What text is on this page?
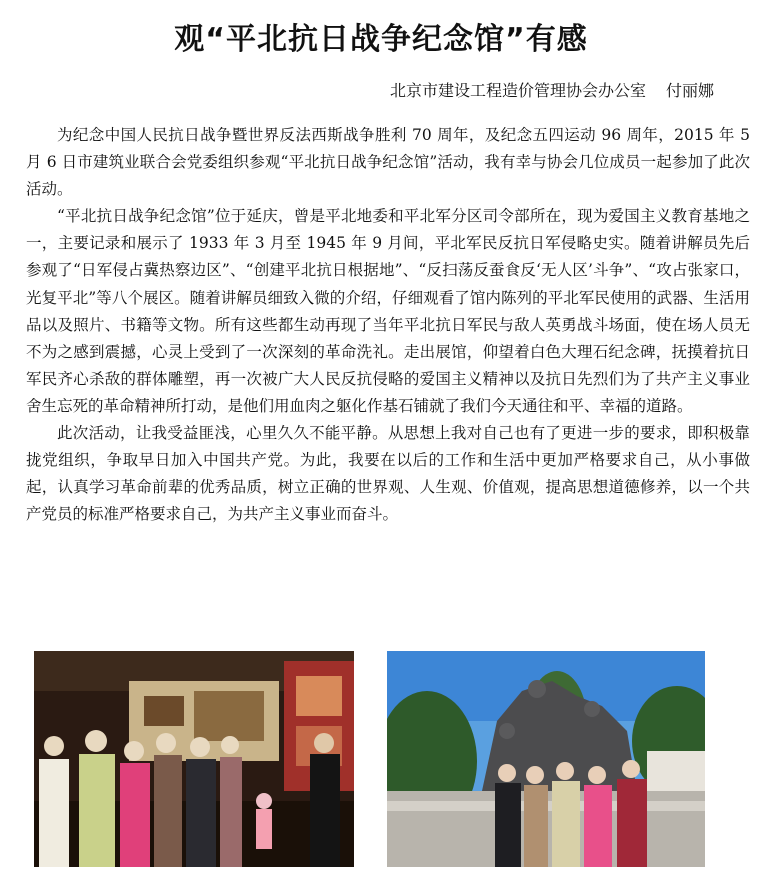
观“平北抗日战争纪念馆”有感
北京市建设工程造价管理协会办公室 付丽娜

为纪念中国人民抗日战争暨世界反法西斯战争胜利 70 周年，及纪念五四运动 96 周年，2015 年 5 月 6 日市建筑业联合会党委组织参观“平北抗日战争纪念馆”活动，我有幸与协会几位成员一起参加了此次活动。

“平北抗日战争纪念馆”位于延庆，曾是平北地委和平北军分区司令部所在，现为爱国主义教育基地之一，主要记录和展示了 1933 年 3 月至 1945 年 9 月间，平北军民反抗日军侵略史实。随着讲解员先后参观了“日军侵占冀热察边区”、“创建平北抗日根据地”、“反扫荡反蚕食反‘无人区’斗争”、“攻占张家口，光复平北”等八个展区。随着讲解员细致入微的介绍，仔细观看了馆内陈列的平北军民使用的武器、生活用品以及照片、书籍等文物。所有这些都生动再现了当年平北抗日军民与敌人英勇战斗场面，使在场人员无不为之感到震撼，心灵上受到了一次深刻的革命洗礼。走出展馆，仰望着白色大理石纪念碑，抚摸着抗日军民齐心杀敌的群体雕塑，再一次被广大人民反抗侵略的爱国主义精神以及抗日先烈们为了共产主义事业舍生忘死的革命精神所打动，是他们用血肉之躯化作基石铺就了我们今天通往和平、幸福的道路。

此次活动，让我受益匪浅，心里久久不能平静。从思想上我对自己也有了更进一步的要求，即积极靠拢党组织，争取早日加入中国共产党。为此，我要在以后的工作和生活中更加严格要求自己，从小事做起，认真学习革命前辈的优秀品质，树立正确的世界观、人生观、价值观，提高思想道德修养，以一个共产党员的标准严格要求自己，为共产主义事业而奋斗。
